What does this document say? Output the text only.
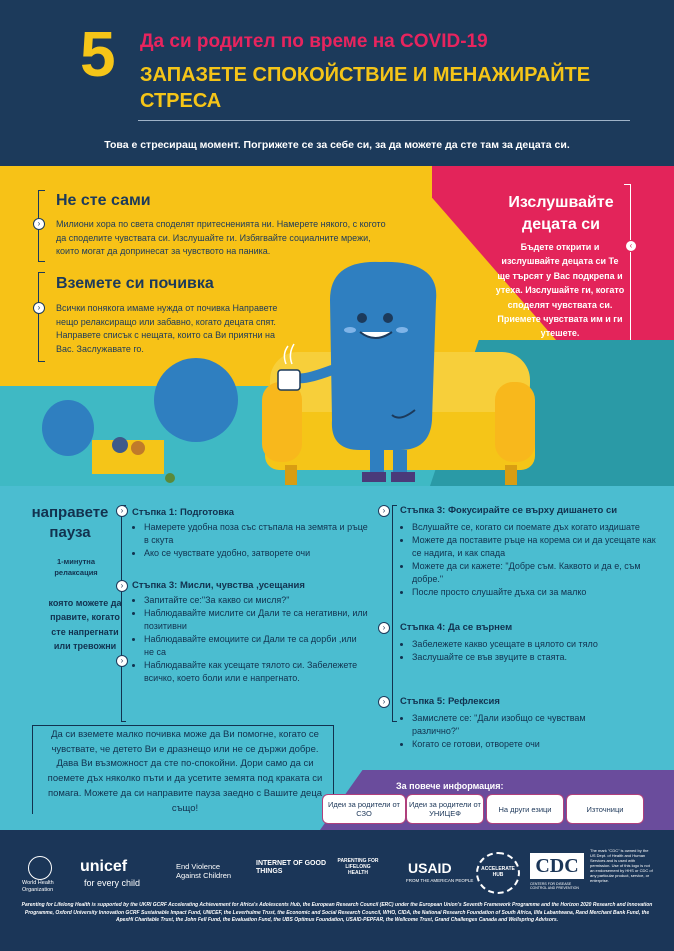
5 Да си родител по време на COVID-19
ЗАПАЗЕТЕ СПОКОЙСТВИЕ И МЕНАЖИРАЙТЕ СТРЕСА
Това е стресиращ момент. Погрижете се за себе си, за да можете да сте там за децата си.
›
Не сте сами
Милиони хора по света споделят притесненията ни. Намерете някого, с когото да споделите чувствата си. Изслушайте ги. Избягвайте социалните мрежи, които могат да допринесат за чувството на паника.
›
Вземете си почивка
Всички понякога имаме нужда от почивка Направете нещо релаксиращо или забавно, когато децата спят. Направете списък с нещата, които са Ви приятни на Вас. Заслужавате го.
Изслушвайте децата си
Бъдете открити и изслушвайте децата си Те ще търсят у Вас подкрепа и утеха. Изслушайте ги, когато споделят чувствата си. Приемете чувствата им и ги утешете.
‹
направете пауза
1-минутна релаксация
която можете да правите, когато сте напрегнати или тревожни
›
›
›
Стъпка 1: Подготовка
• Намерете удобна поза със стъпала на земята и ръце в скута
• Ако се чувствате удобно, затворете очи
Стъпка 3: Мисли, чувства ,усещания
• Запитайте се:"За какво си мисля?"
• Наблюдавайте мислите си Дали те са негативни, или позитивни
• Наблюдавайте емоциите си Дали те са дорби ,или не са
• Наблюдавайте как усещате тялото си. Забележете всичко, което боли или е напрегнато.
›
›
›
Стъпка 3: Фокусирайте се върху дишането си
• Вслушайте се, когато си поемате дъх когато издишате
• Можете да поставите ръце на корема си и да усещате как се надига, и как спада
• Можете да си кажете: "Добре съм. Каквото и да е, съм добре."
• После просто слушайте дъха си за малко
Стъпка 4: Да се върнем
• Забележете какво усещате в цялото си тяло
• Заслушайте се във звуците в стаята.
Стъпка 5: Рефлексия
• Замислете се: "Дали изобщо се чувствам различно?"
• Когато се готови, отворете очи
Да си вземете малко почивка може да Ви помогне, когато се чувствате, че детето Ви е дразнещо или не се държи добре. Дава Ви възможност да сте по-спокойни. Дори само да си поемете дъх няколко пъти и да усетите земята под краката си помага. Можете да си направите пауза заедно с Вашите деца също!
За повече информация:
Идеи за родители от СЗО
Идеи за родители от УНИЦЕФ	На други езици	Източници
World Health Organization
unicef
for every child
End Violence Against Children
INTERNET OF GOOD THINGS
PARENTING FOR LIFELONG HEALTH	USAID
FROM THE AMERICAN PEOPLE
ACCELERATE HUB	CDC
CENTERS FOR DISEASE CONTROL AND PREVENTION
The mark "CDC" is owned by the US Dept. of Health and Human Services and is used with permission. Use of this logo is not an endorsement by HHS or CDC of any particular product, service, or enterprise.
Parenting for Lifelong Health is supported by the UKRI GCRF Accelerating Achievement for Africa's Adolescents Hub, the European Research Council (ERC) under the European Union's Seventh Framework Programme and the Horizon 2020 Research and Innovation Programme, Oxford University Innovation GCRF Sustainable Impact Fund, UNICEF, the Leverhulme Trust, the Economic and Social Research Council, WHO, CIDA, the National Research Foundation of South Africa, Ilifa Labantwana, Rand Merchant Bank Fund, the ApexHi Charitable Trust, the John Fell Fund, the Evaluation Fund, the UBS Optimus Foundation, USAID-PEPFAR, the Wellcome Trust, Grand Challenges Canada and Wellspring Advisors.
